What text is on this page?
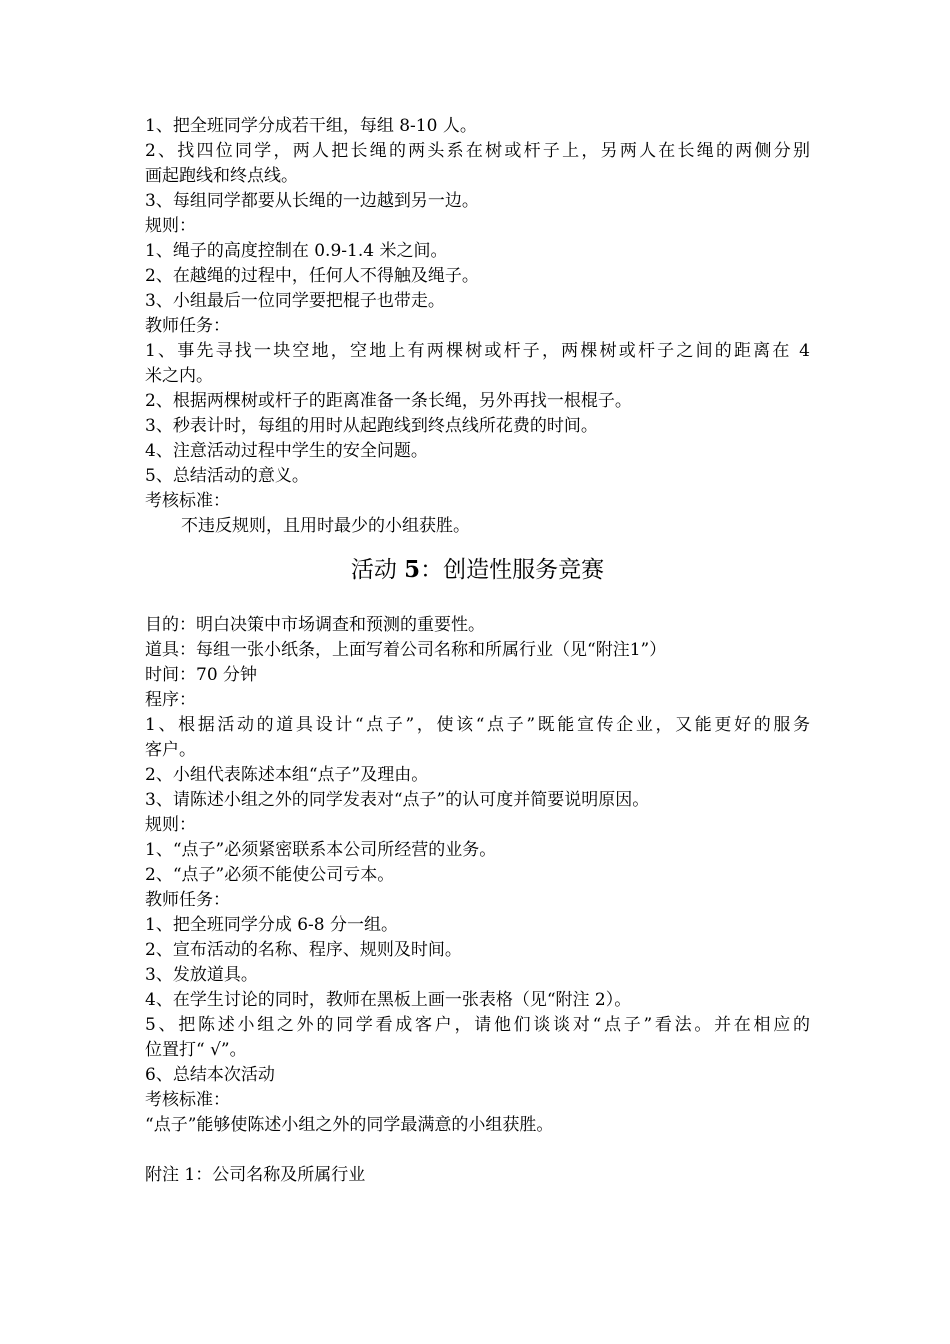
1、把全班同学分成若干组，每组 8-10 人。
2、找四位同学，两人把长绳的两头系在树或杆子上，另两人在长绳的两侧分别
画起跑线和终点线。
3、每组同学都要从长绳的一边越到另一边。
规则：
1、绳子的高度控制在 0.9-1.4 米之间。
2、在越绳的过程中，任何人不得触及绳子。
3、小组最后一位同学要把棍子也带走。
教师任务：
1、事先寻找一块空地，空地上有两棵树或杆子，两棵树或杆子之间的距离在 4
米之内。
2、根据两棵树或杆子的距离准备一条长绳，另外再找一根棍子。
3、秒表计时，每组的用时从起跑线到终点线所花费的时间。
4、注意活动过程中学生的安全问题。
5、总结活动的意义。
考核标准：
不违反规则，且用时最少的小组获胜。
活动 5：创造性服务竞赛
目的：明白决策中市场调查和预测的重要性。
道具：每组一张小纸条，上面写着公司名称和所属行业（见“附注1”）
时间：70 分钟
程序：
1、根据活动的道具设计“点子”，使该“点子”既能宣传企业，又能更好的服务
客户。
2、小组代表陈述本组“点子”及理由。
3、请陈述小组之外的同学发表对“点子”的认可度并简要说明原因。
规则：
1、“点子”必须紧密联系本公司所经营的业务。
2、“点子”必须不能使公司亏本。
教师任务：
1、把全班同学分成 6-8 分一组。
2、宣布活动的名称、程序、规则及时间。
3、发放道具。
4、在学生讨论的同时，教师在黑板上画一张表格（见“附注 2）。
5、把陈述小组之外的同学看成客户，请他们谈谈对“点子”看法。并在相应的
位置打“ √”。
6、总结本次活动
考核标准：
“点子”能够使陈述小组之外的同学最满意的小组获胜。
附注 1：公司名称及所属行业
